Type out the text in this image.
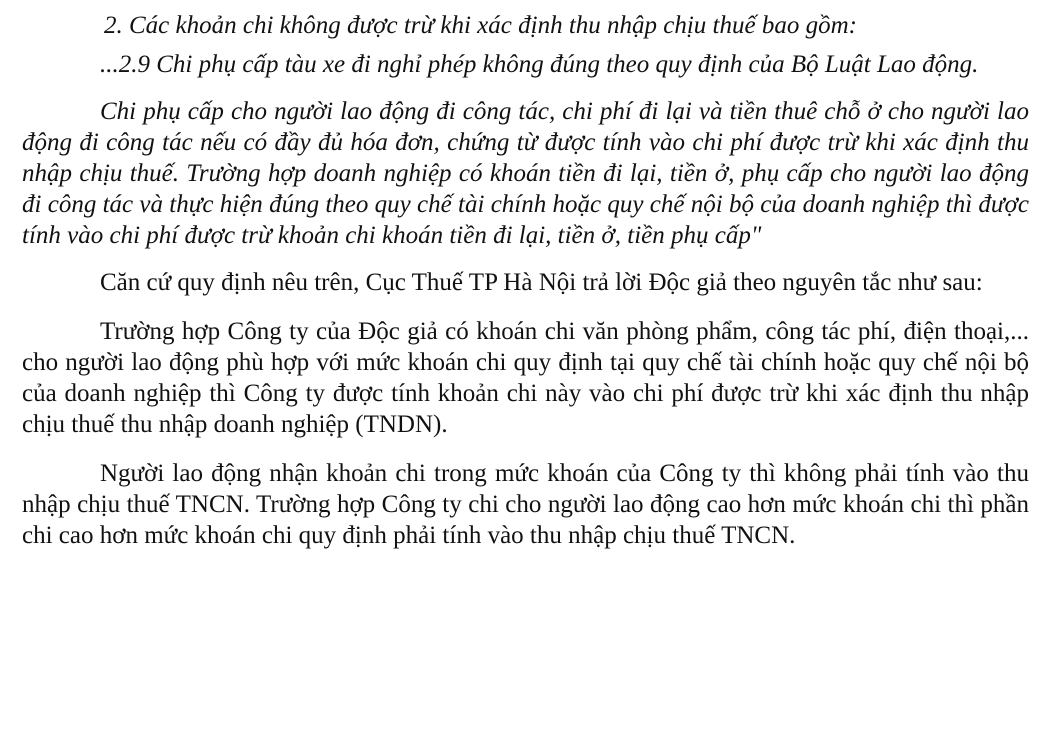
2. Các khoản chi không được trừ khi xác định thu nhập chịu thuế bao gồm:

...2.9 Chi phụ cấp tàu xe đi nghỉ phép không đúng theo quy định của Bộ Luật Lao động.

Chi phụ cấp cho người lao động đi công tác, chi phí đi lại và tiền thuê chỗ ở cho người lao động đi công tác nếu có đầy đủ hóa đơn, chứng từ được tính vào chi phí được trừ khi xác định thu nhập chịu thuế. Trường hợp doanh nghiệp có khoán tiền đi lại, tiền ở, phụ cấp cho người lao động đi công tác và thực hiện đúng theo quy chế tài chính hoặc quy chế nội bộ của doanh nghiệp thì được tính vào chi phí được trừ khoản chi khoán tiền đi lại, tiền ở, tiền phụ cấp"

Căn cứ quy định nêu trên, Cục Thuế TP Hà Nội trả lời Độc giả theo nguyên tắc như sau:

Trường hợp Công ty của Độc giả có khoán chi văn phòng phẩm, công tác phí, điện thoại,... cho người lao động phù hợp với mức khoán chi quy định tại quy chế tài chính hoặc quy chế nội bộ của doanh nghiệp thì Công ty được tính khoản chi này vào chi phí được trừ khi xác định thu nhập chịu thuế thu nhập doanh nghiệp (TNDN).

Người lao động nhận khoản chi trong mức khoán của Công ty thì không phải tính vào thu nhập chịu thuế TNCN. Trường hợp Công ty chi cho người lao động cao hơn mức khoán chi thì phần chi cao hơn mức khoán chi quy định phải tính vào thu nhập chịu thuế TNCN.
